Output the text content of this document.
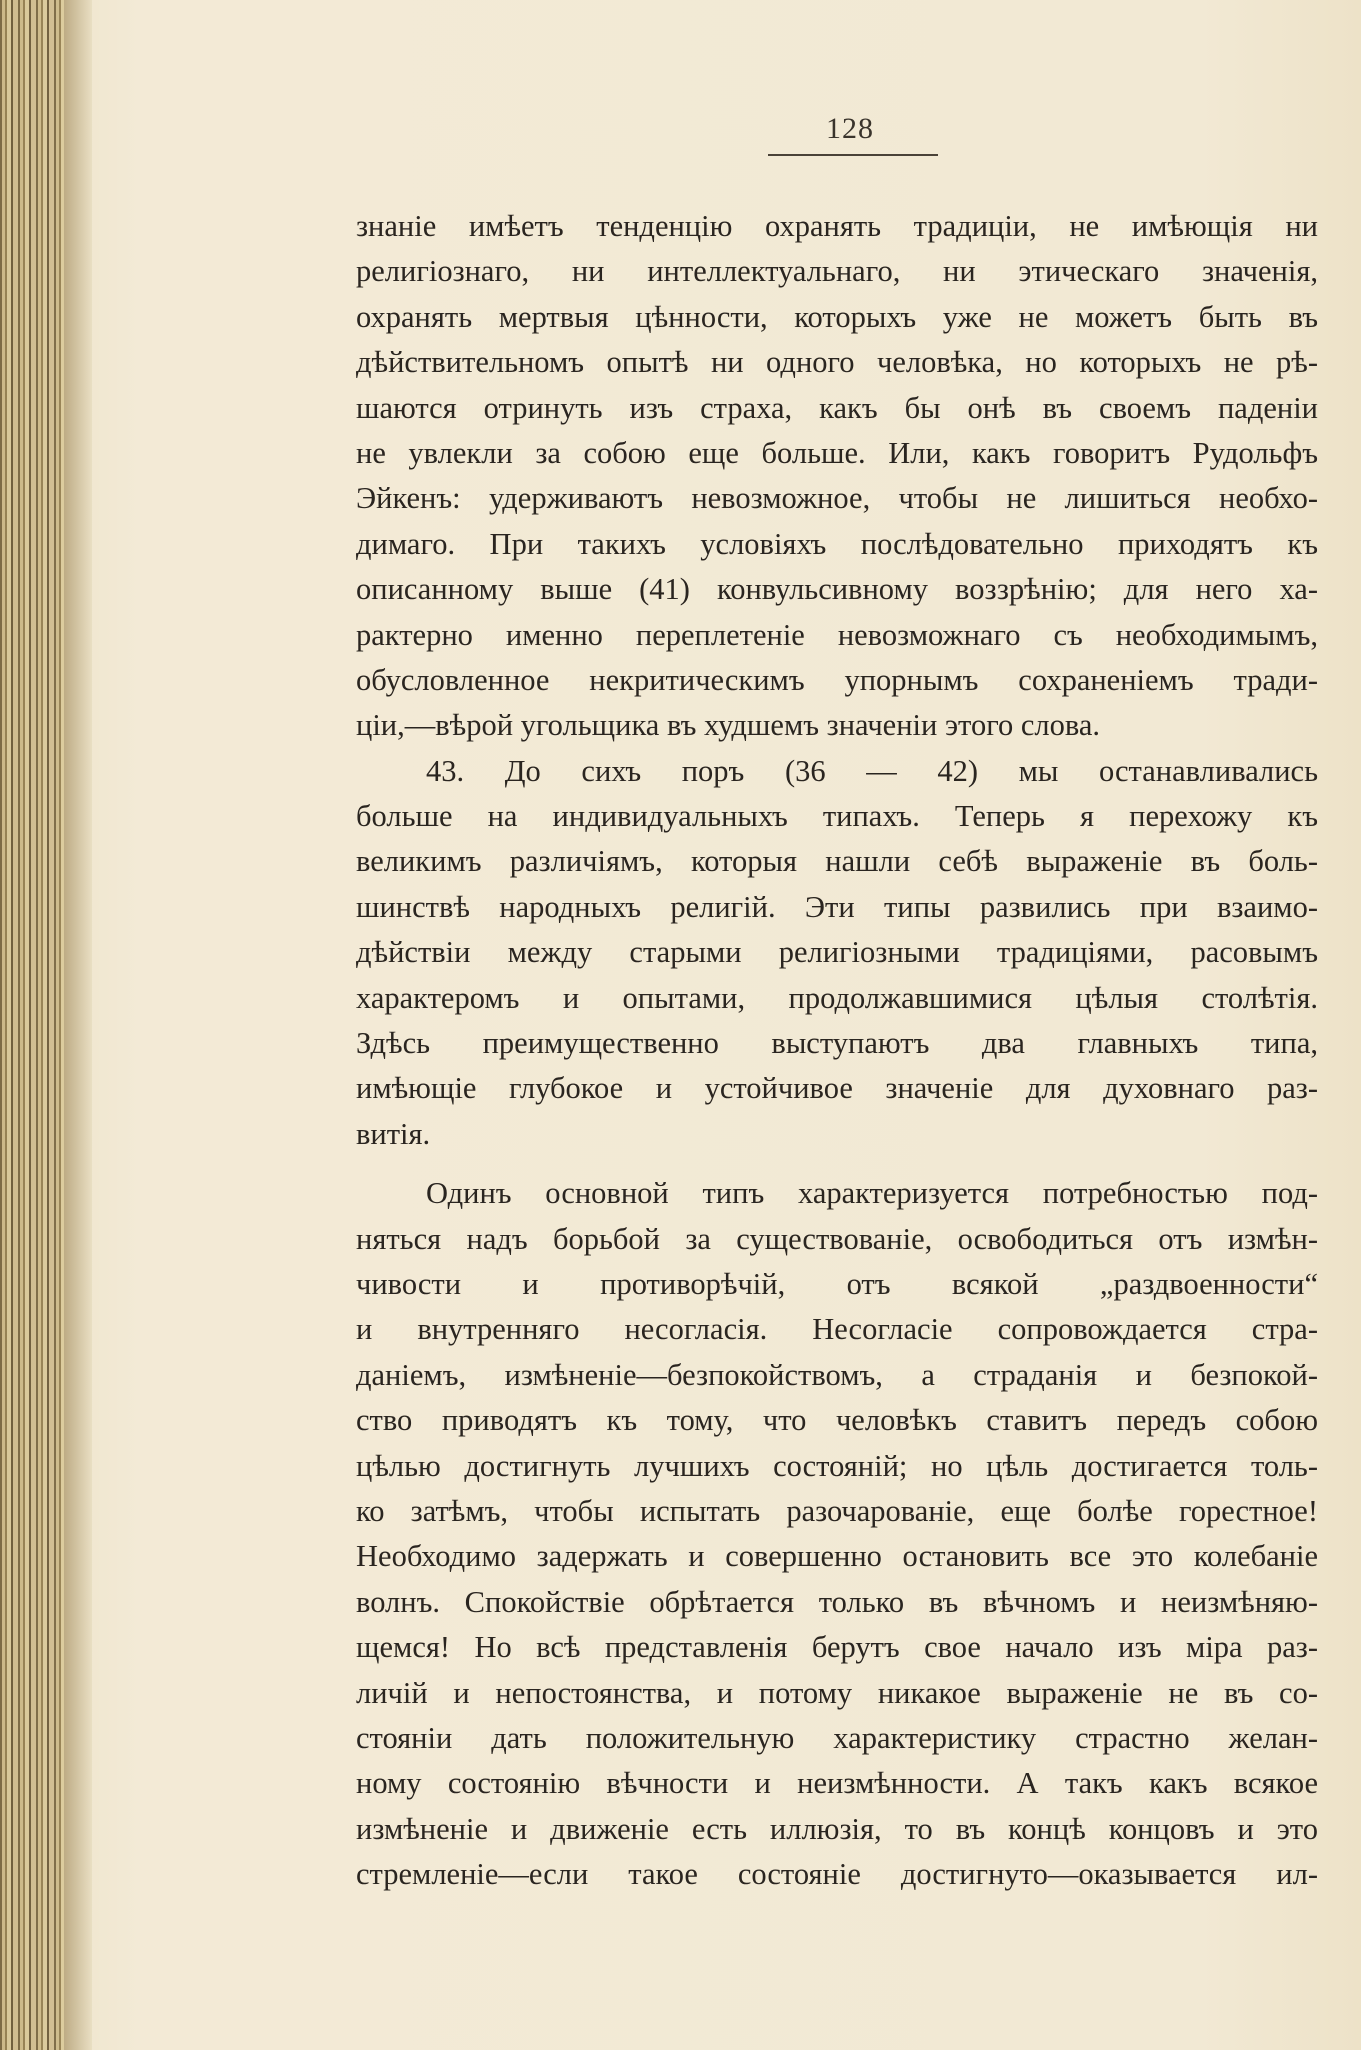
128
знаніе имѣетъ тенденцію охранять традиціи, не имѣющія ни
религіознаго, ни интеллектуальнаго, ни этическаго значенія,
охранять мертвыя цѣнности, которыхъ уже не можетъ быть въ
дѣйствительномъ опытѣ ни одного человѣка, но которыхъ не рѣ-
шаются отринуть изъ страха, какъ бы онѣ въ своемъ паденіи
не увлекли за собою еще больше. Или, какъ говоритъ Рудольфъ
Эйкенъ: удерживаютъ невозможное, чтобы не лишиться необхо-
димаго. При такихъ условіяхъ послѣдовательно приходятъ къ
описанному выше (41) конвульсивному воззрѣнію; для него ха-
рактерно именно переплетеніе невозможнаго съ необходимымъ,
обусловленное некритическимъ упорнымъ сохраненіемъ тради-
ціи,—вѣрой угольщика въ худшемъ значеніи этого слова.
43. До сихъ поръ (36 — 42) мы останавливались
больше на индивидуальныхъ типахъ. Теперь я перехожу къ
великимъ различіямъ, которыя нашли себѣ выраженіе въ боль-
шинствѣ народныхъ религій. Эти типы развились при взаимо-
дѣйствіи между старыми религіозными традиціями, расовымъ
характеромъ и опытами, продолжавшимися цѣлыя столѣтія.
Здѣсь преимущественно выступаютъ два главныхъ типа,
имѣющіе глубокое и устойчивое значеніе для духовнаго раз-
витія.
Одинъ основной типъ характеризуется потребностью под-
няться надъ борьбой за существованіе, освободиться отъ измѣн-
чивости и противорѣчій, отъ всякой „раздвоенности“
и внутренняго несогласія. Несогласіе сопровождается стра-
даніемъ, измѣненіе—безпокойствомъ, а страданія и безпокой-
ство приводятъ къ тому, что человѣкъ ставитъ передъ собою
цѣлью достигнуть лучшихъ состояній; но цѣль достигается толь-
ко затѣмъ, чтобы испытать разочарованіе, еще болѣе горестное!
Необходимо задержать и совершенно остановить все это колебаніе
волнъ. Спокойствіе обрѣтается только въ вѣчномъ и неизмѣняю-
щемся! Но всѣ представленія берутъ свое начало изъ міра раз-
личій и непостоянства, и потому никакое выраженіе не въ со-
стояніи дать положительную характеристику страстно желан-
ному состоянію вѣчности и неизмѣнности. А такъ какъ всякое
измѣненіе и движеніе есть иллюзія, то въ концѣ концовъ и это
стремленіе—если такое состояніе достигнуто—оказывается ил-
